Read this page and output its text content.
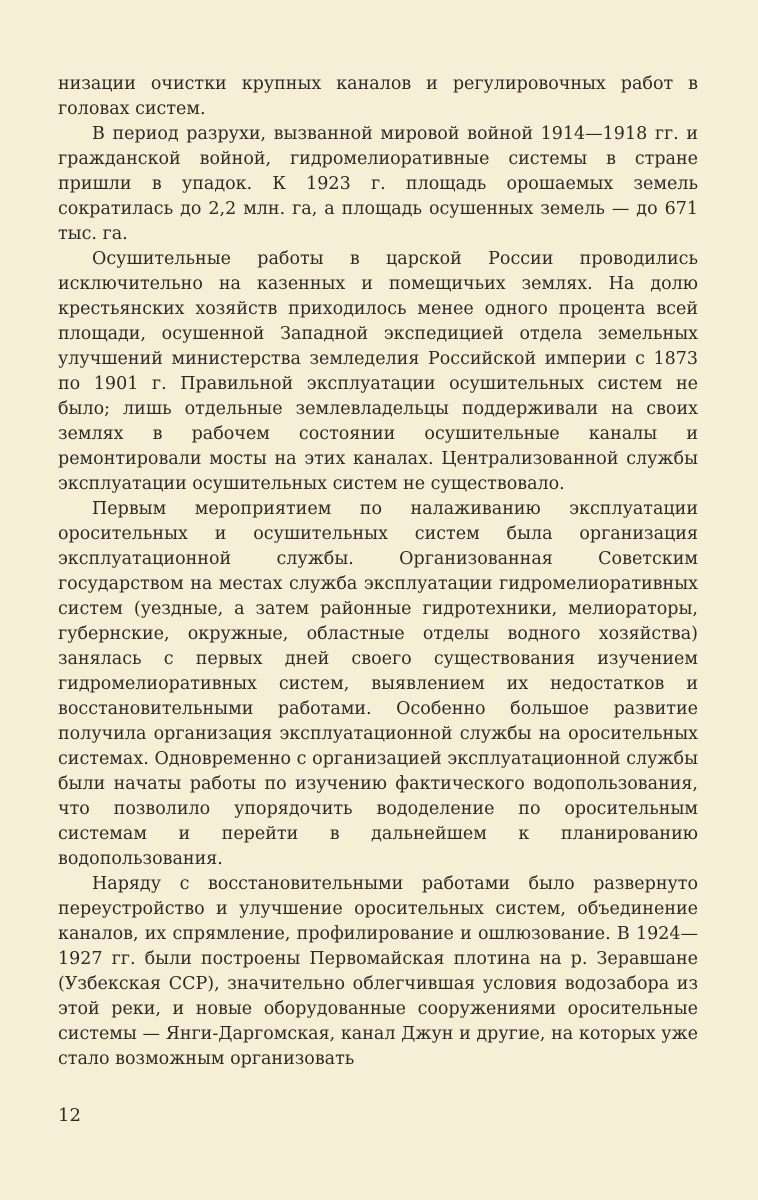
низации очистки крупных каналов и регулировочных работ в головах систем.

В период разрухи, вызванной мировой войной 1914—1918 гг. и гражданской войной, гидромелиоративные системы в стране пришли в упадок. К 1923 г. площадь орошаемых земель сократилась до 2,2 млн. га, а площадь осушенных земель — до 671 тыс. га.

Осушительные работы в царской России проводились исключительно на казенных и помещичьих землях. На долю крестьянских хозяйств приходилось менее одного процента всей площади, осушенной Западной экспедицией отдела земельных улучшений министерства земледелия Российской империи с 1873 по 1901 г. Правильной эксплуатации осушительных систем не было; лишь отдельные землевладельцы поддерживали на своих землях в рабочем состоянии осушительные каналы и ремонтировали мосты на этих каналах. Централизованной службы эксплуатации осушительных систем не существовало.

Первым мероприятием по налаживанию эксплуатации оросительных и осушительных систем была организация эксплуатационной службы. Организованная Советским государством на местах служба эксплуатации гидромелиоративных систем (уездные, а затем районные гидротехники, мелиораторы, губернские, окружные, областные отделы водного хозяйства) занялась с первых дней своего существования изучением гидромелиоративных систем, выявлением их недостатков и восстановительными работами. Особенно большое развитие получила организация эксплуатационной службы на оросительных системах. Одновременно с организацией эксплуатационной службы были начаты работы по изучению фактического водопользования, что позволило упорядочить вододеление по оросительным системам и перейти в дальнейшем к планированию водопользования.

Наряду с восстановительными работами было развернуто переустройство и улучшение оросительных систем, объединение каналов, их спрямление, профилирование и ошлюзование. В 1924—1927 гг. были построены Первомайская плотина на р. Зеравшане (Узбекская ССР), значительно облегчившая условия водозабора из этой реки, и новые оборудованные сооружениями оросительные системы — Янги-Даргомская, канал Джун и другие, на которых уже стало возможным организовать

12
